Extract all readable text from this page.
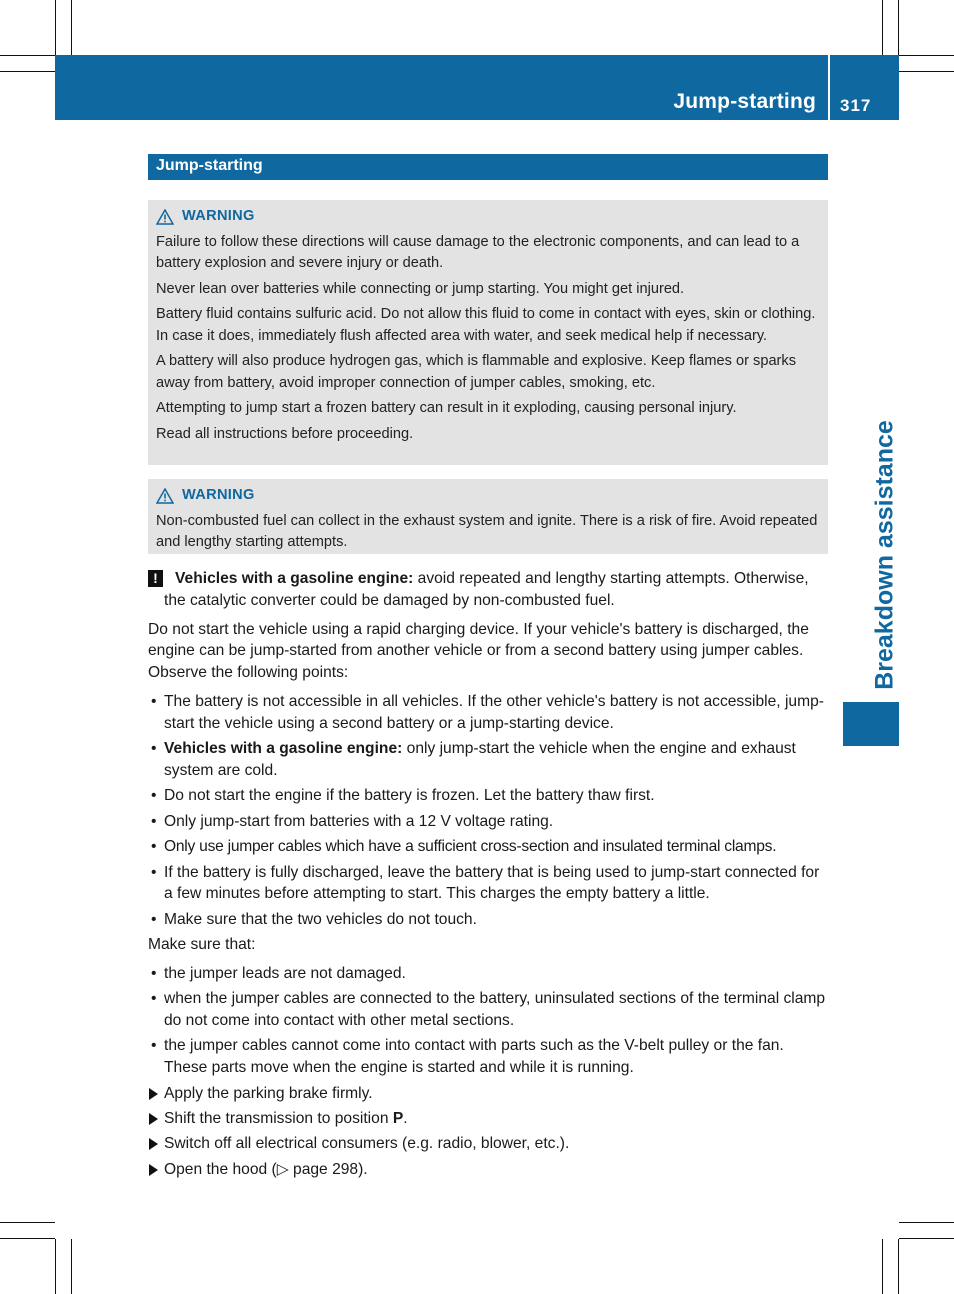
Jump-starting 317
Breakdown assistance
Jump-starting
WARNING

Failure to follow these directions will cause damage to the electronic components, and can lead to a battery explosion and severe injury or death.

Never lean over batteries while connecting or jump starting. You might get injured.

Battery fluid contains sulfuric acid. Do not allow this fluid to come in contact with eyes, skin or clothing. In case it does, immediately flush affected area with water, and seek medical help if necessary.

A battery will also produce hydrogen gas, which is flammable and explosive. Keep flames or sparks away from battery, avoid improper connection of jumper cables, smoking, etc.

Attempting to jump start a frozen battery can result in it exploding, causing personal injury.

Read all instructions before proceeding.

WARNING

Non-combusted fuel can collect in the exhaust system and ignite. There is a risk of fire. Avoid repeated and lengthy starting attempts.

!	Vehicles with a gasoline engine: avoid repeated and lengthy starting attempts. Otherwise, the catalytic converter could be damaged by non-combusted fuel.

Do not start the vehicle using a rapid charging device. If your vehicle's battery is discharged, the engine can be jump-started from another vehicle or from a second battery using jumper cables. Observe the following points:

• The battery is not accessible in all vehicles. If the other vehicle's battery is not accessible, jump-start the vehicle using a second battery or a jump-starting device.
• Vehicles with a gasoline engine: only jump-start the vehicle when the engine and exhaust system are cold.
• Do not start the engine if the battery is frozen. Let the battery thaw first.
• Only jump-start from batteries with a 12 V voltage rating.
• Only use jumper cables which have a sufficient cross-section and insulated terminal clamps.
• If the battery is fully discharged, leave the battery that is being used to jump-start connected for a few minutes before attempting to start. This charges the empty battery a little.
• Make sure that the two vehicles do not touch.

Make sure that:

• the jumper leads are not damaged.
• when the jumper cables are connected to the battery, uninsulated sections of the terminal clamp do not come into contact with other metal sections.
• the jumper cables cannot come into contact with parts such as the V-belt pulley or the fan. These parts move when the engine is started and while it is running.
Apply the parking brake firmly.
Shift the transmission to position P.
Switch off all electrical consumers (e.g. radio, blower, etc.).
Open the hood (▷ page 298).
